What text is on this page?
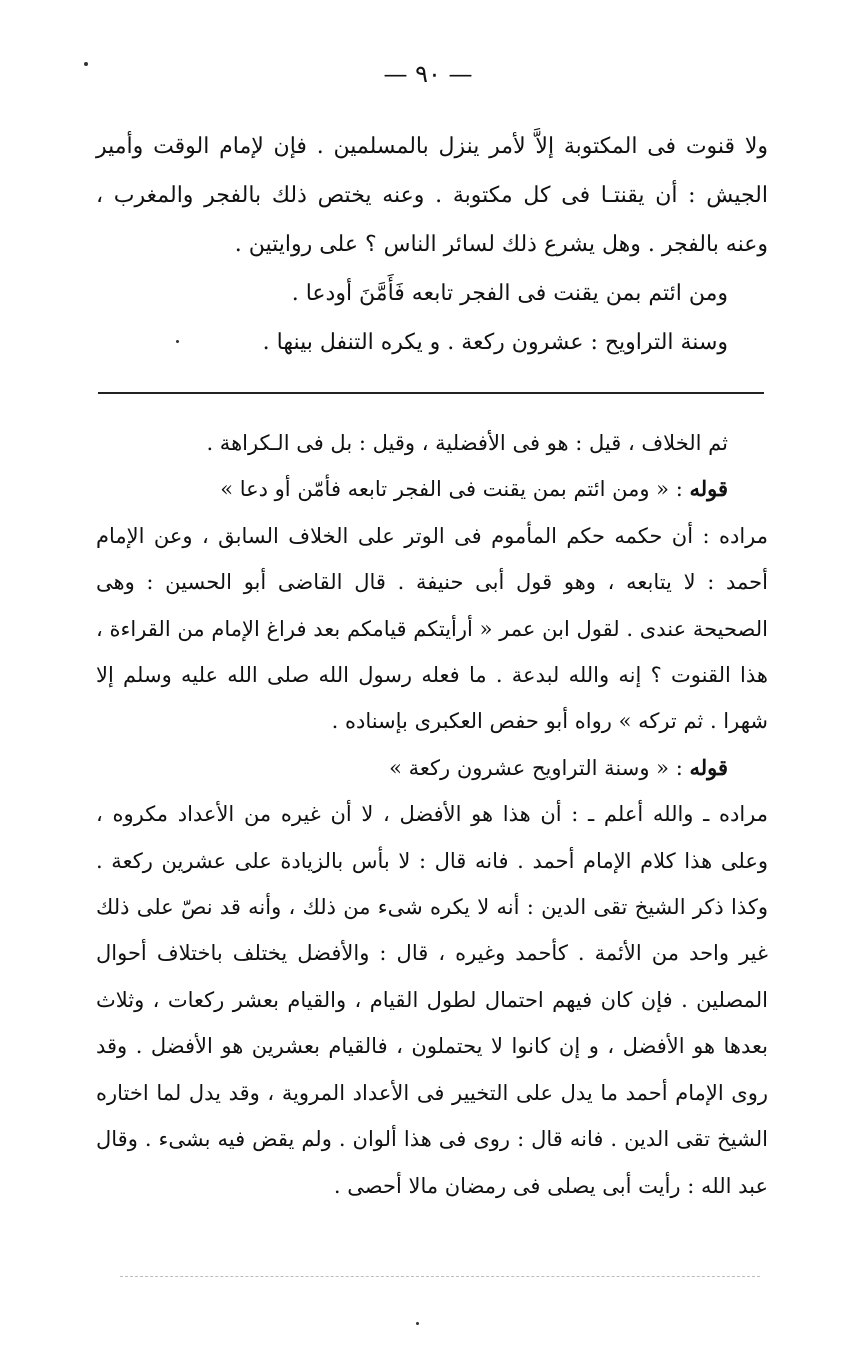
— ٩٠ —

ولا قنوت فى المكتوبة إلاَّ لأمر ينزل بالمسلمين . فإن لإمام الوقت وأمير الجيش : أن يقنتـا فى كل مكتوبة . وعنه يختص ذلك بالفجر والمغرب ، وعنه بالفجر . وهل يشرع ذلك لسائر الناس ؟ على روايتين .

ومن ائتم بمن يقنت فى الفجر تابعه فَأَمَّنَ أودعا .

وسنة التراويح : عشرون ركعة . و يكره التنفل بينها .

ثم الخلاف ، قيل : هو فى الأفضلية ، وقيل : بل فى الـكراهة .

قوله : « ومن ائتم بمن يقنت فى الفجر تابعه فأمّن أو دعا »

مراده : أن حكمه حكم المأموم فى الوتر على الخلاف السابق ، وعن الإمام أحمد : لا يتابعه ، وهو قول أبى حنيفة . قال القاضى أبو الحسين : وهى الصحيحة عندى . لقول ابن عمر « أرأيتكم قيامكم بعد فراغ الإمام من القراءة ، هذا القنوت ؟ إنه والله لبدعة . ما فعله رسول الله صلى الله عليه وسلم إلا شهرا . ثم تركه » رواه أبو حفص العكبرى بإسناده .

قوله : « وسنة التراويح عشرون ركعة »

مراده ـ والله أعلم ـ : أن هذا هو الأفضل ، لا أن غيره من الأعداد مكروه ، وعلى هذا كلام الإمام أحمد . فانه قال : لا بأس بالزيادة على عشرين ركعة . وكذا ذكر الشيخ تقى الدين : أنه لا يكره شىء من ذلك ، وأنه قد نصّ على ذلك غير واحد من الأئمة . كأحمد وغيره ، قال : والأفضل يختلف باختلاف أحوال المصلين . فإن كان فيهم احتمال لطول القيام ، والقيام بعشر ركعات ، وثلاث بعدها هو الأفضل ، و إن كانوا لا يحتملون ، فالقيام بعشرين هو الأفضل . وقد روى الإمام أحمد ما يدل على التخيير فى الأعداد المروية ، وقد يدل لما اختاره الشيخ تقى الدين . فانه قال : روى فى هذا ألوان . ولم يقض فيه بشىء . وقال عبد الله : رأيت أبى يصلى فى رمضان مالا أحصى .
